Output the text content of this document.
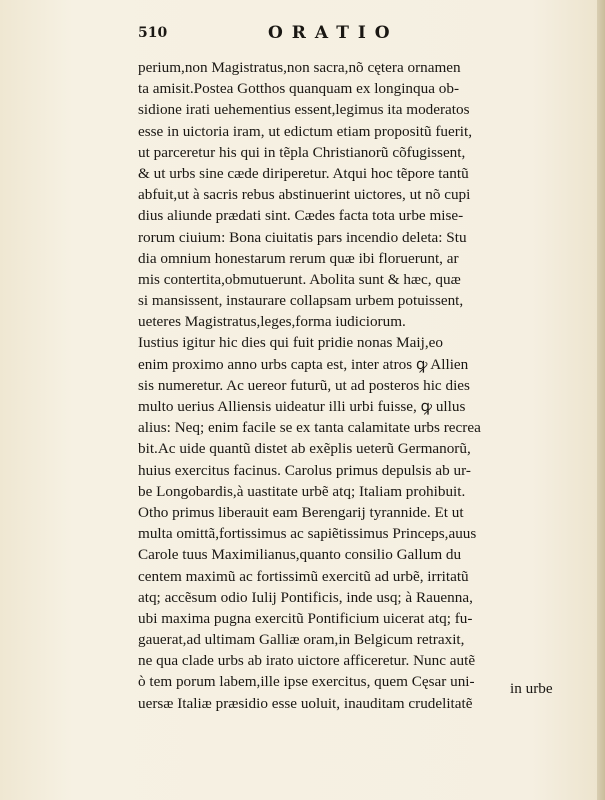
510	ORATIO
perium,non Magistratus,non sacra,nõ cętera ornamen
ta amisit.Postea Gotthos quanquam ex longinqua ob-
sidione irati uehementius essent,legimus ita moderatos
esse in uictoria iram, ut edictum etiam propositũ fuerit,
ut parceretur his qui in tẽpla Christianorũ cõfugissent,
& ut urbs sine cæde diriperetur. Atqui hoc tẽpore tantũ
abfuit,ut à sacris rebus abstinuerint uictores, ut nõ cupi
dius aliunde prædati sint. Cædes facta tota urbe mise-
rorum ciuium: Bona ciuitatis pars incendio deleta: Stu
dia omnium honestarum rerum quæ ibi floruerunt, ar
mis contertita,obmutuerunt. Abolita sunt & hæc, quæ
si mansissent, instaurare collapsam urbem potuissent,
ueteres Magistratus,leges,forma iudiciorum.
Iustius igitur hic dies qui fuit pridie nonas Maij,eo
enim proximo anno urbs capta est, inter atros ꝙ Allien
sis numeretur. Ac uereor futurũ, ut ad posteros hic dies
multo uerius Alliensis uideatur illi urbi fuisse, ꝙ ullus
alius: Neq; enim facile se ex tanta calamitate urbs recrea
bit.Ac uide quantũ distet ab exẽplis ueterũ Germanorũ,
huius exercitus facinus. Carolus primus depulsis ab ur-
be Longobardis,à uastitate urbẽ atq; Italiam prohibuit.
Otho primus liberauit eam Berengarij tyrannide. Et ut
multa omittã,fortissimus ac sapiẽtissimus Princeps,auus
Carole tuus Maximilianus,quanto consilio Gallum du
centem maximũ ac fortissimũ exercitũ ad urbẽ, irritatũ
atq; accẽsum odio Iulij Pontificis, inde usq; à Rauenna,
ubi maxima pugna exercitũ Pontificium uicerat atq; fu-
gauerat,ad ultimam Galliæ oram,in Belgicum retraxit,
ne qua clade urbs ab irato uictore afficeretur. Nunc autẽ
ò tem porum labem,ille ipse exercitus, quem Cęsar uni-
uersæ Italiæ præsidio esse uoluit, inauditam crudelitatẽ
in urbe
